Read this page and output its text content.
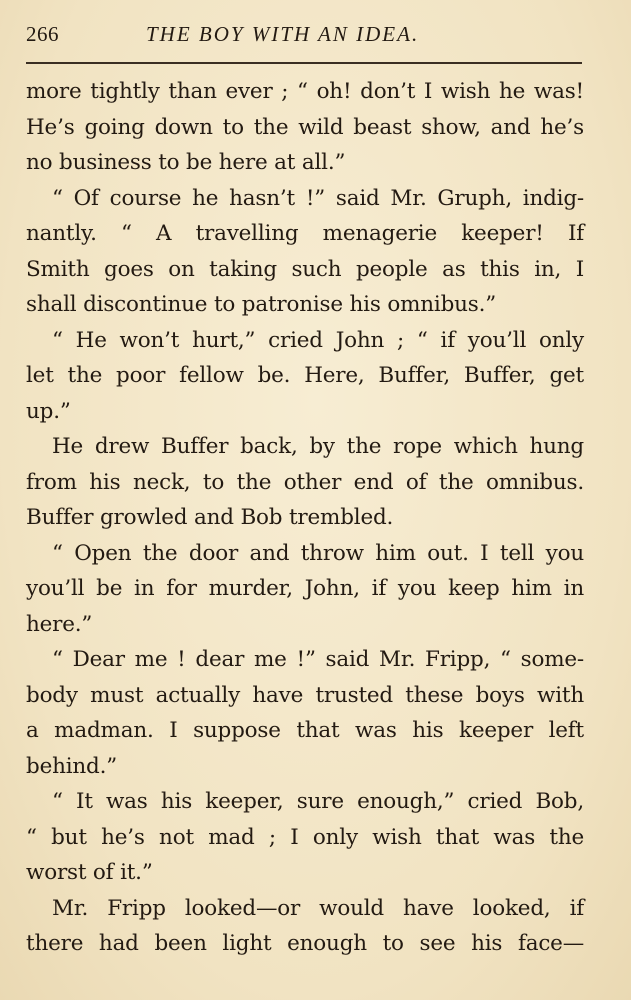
266	THE BOY WITH AN IDEA.
more tightly than ever ; “ oh! don’t I wish he was!
He’s going down to the wild beast show, and he’s
no business to be here at all.”
“ Of course he hasn’t !” said Mr. Gruph, indig-
nantly. “ A travelling menagerie keeper! If
Smith goes on taking such people as this in, I
shall discontinue to patronise his omnibus.”
“ He won’t hurt,” cried John ; “ if you’ll only
let the poor fellow be. Here, Buffer, Buffer, get
up.”
He drew Buffer back, by the rope which hung
from his neck, to the other end of the omnibus.
Buffer growled and Bob trembled.
“ Open the door and throw him out. I tell you
you’ll be in for murder, John, if you keep him in
here.”
“ Dear me ! dear me !” said Mr. Fripp, “ some-
body must actually have trusted these boys with
a madman. I suppose that was his keeper left
behind.”
“ It was his keeper, sure enough,” cried Bob,
“ but he’s not mad ; I only wish that was the
worst of it.”
Mr. Fripp looked—or would have looked, if
there had been light enough to see his face—
